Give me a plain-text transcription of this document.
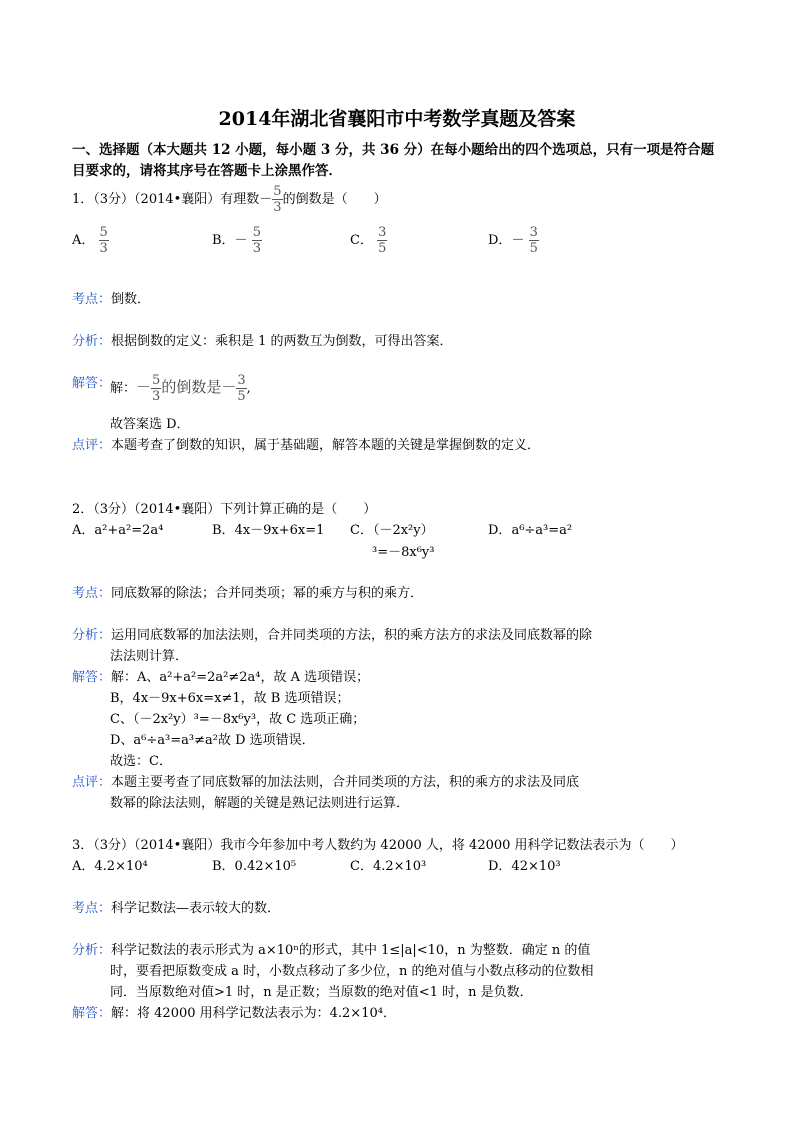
2014年湖北省襄阳市中考数学真题及答案
一、选择题（本大题共 12 小题，每小题 3 分，共 36 分）在每小题给出的四个选项总，只有一项是符合题
目要求的，请将其序号在答题卡上涂黑作答．
1．（3分）（2014•襄阳）有理数－ $\frac{5}{3}$ 的倒数是（　　）
A． $\frac{5}{3}$	B．－ $\frac{5}{3}$	C． $\frac{3}{5}$	D．－ $\frac{3}{5}$
考点：倒数．
分析：根据倒数的定义：乘积是 1 的两数互为倒数，可得出答案．
解答：
解：－ $\frac{5}{3}$ 的倒数是－ $\frac{3}{5}$ ,
故答案选 D．
点评：本题考查了倒数的知识，属于基础题，解答本题的关键是掌握倒数的定义．
2．（3分）（2014•襄阳）下列计算正确的是（　　）
A．a²+a²=2a⁴	B．4x－9x+6x=1 C．（－2x²y）
³=－8x⁶y³
D．a⁶÷a³=a²
考点：同底数幂的除法；合并同类项；幂的乘方与积的乘方．
分析：运用同底数幂的加法法则，合并同类项的方法，积的乘方法方的求法及同底数幂的除
法法则计算．
解答：解：A、a²+a²=2a²≠2a⁴，故 A 选项错误；
B，4x－9x+6x=x≠1，故 B 选项错误；
C、（－2x²y）³=－8x⁶y³，故 C 选项正确；
D、a⁶÷a³=a³≠a²故 D 选项错误．
故选：C．
点评：本题主要考查了同底数幂的加法法则，合并同类项的方法，积的乘方的求法及同底
数幂的除法法则，解题的关键是熟记法则进行运算．
3．（3分）（2014•襄阳）我市今年参加中考人数约为 42000 人，将 42000 用科学记数法表示为（　　）
A．4.2×10⁴	B．0.42×10⁵	C．4.2×10³	D．42×10³
考点：科学记数法—表示较大的数．
分析：科学记数法的表示形式为 a×10ⁿ的形式，其中 1≤|a|<10，n 为整数．确定 n 的值
时，要看把原数变成 a 时，小数点移动了多少位，n 的绝对值与小数点移动的位数相
同．当原数绝对值>1 时，n 是正数；当原数的绝对值<1 时，n 是负数．
解答：解：将 42000 用科学记数法表示为：4.2×10⁴．
